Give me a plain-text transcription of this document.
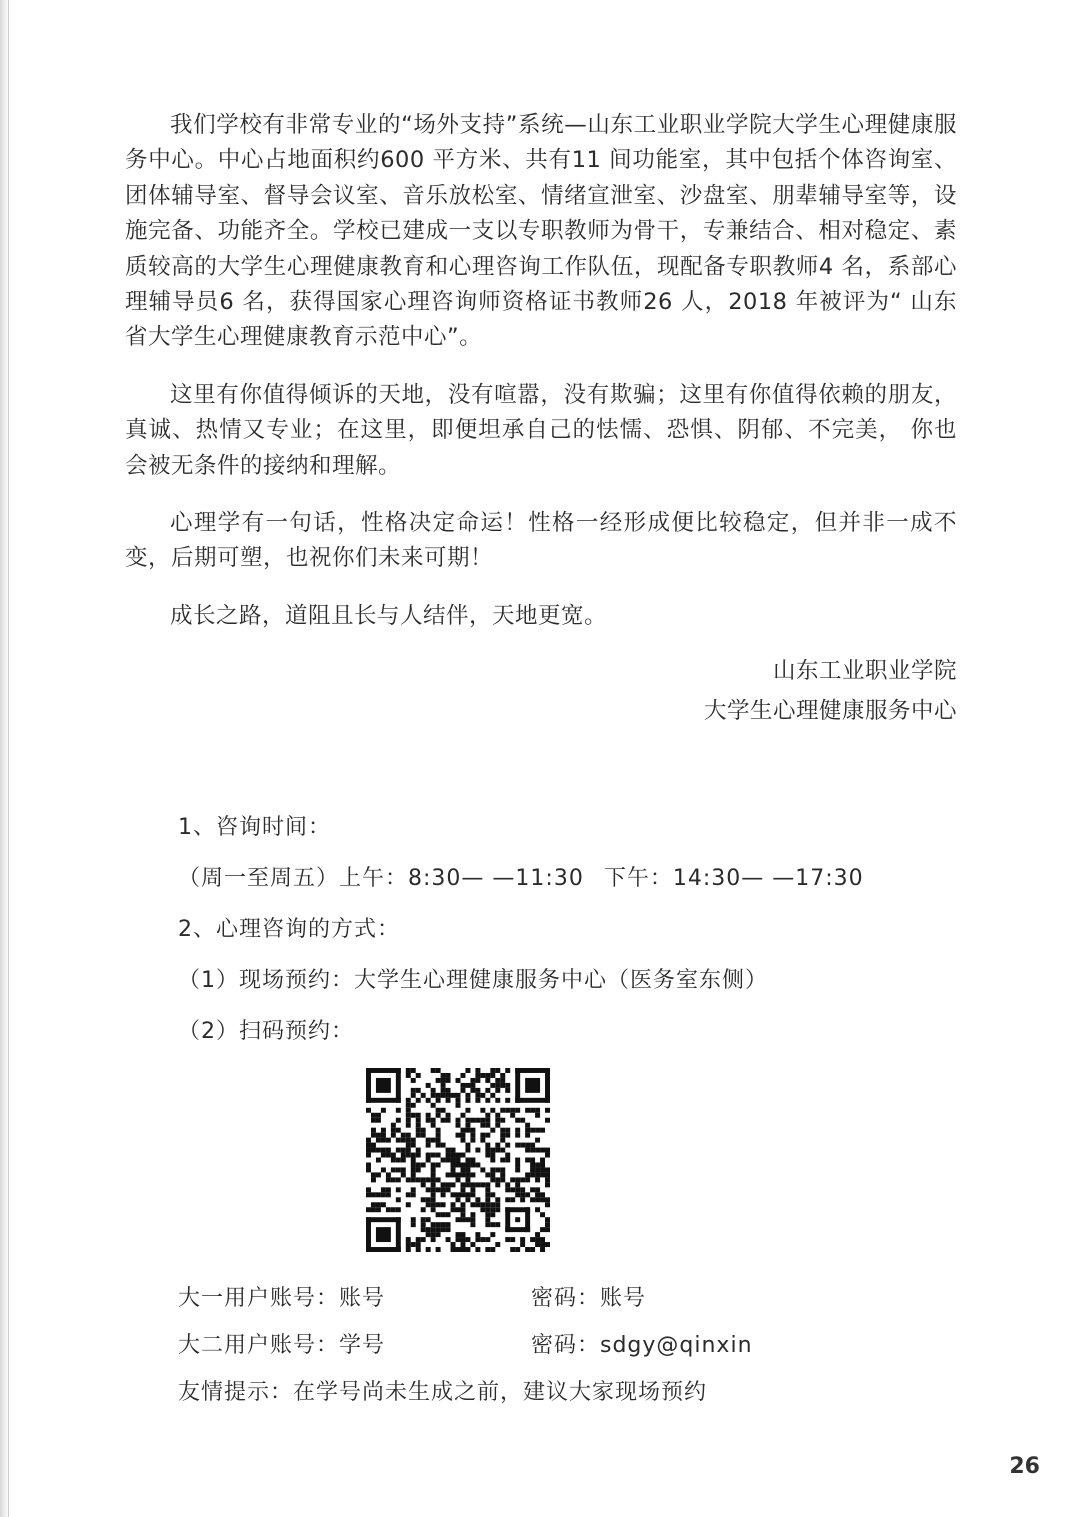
我们学校有非常专业的“场外支持”系统—山东工业职业学院大学生心理健康服务中心。中心占地面积约600 平方米、共有11 间功能室，其中包括个体咨询室、团体辅导室、督导会议室、音乐放松室、情绪宣泄室、沙盘室、朋辈辅导室等，设施完备、功能齐全。学校已建成一支以专职教师为骨干，专兼结合、相对稳定、素质较高的大学生心理健康教育和心理咨询工作队伍，现配备专职教师4 名，系部心理辅导员6 名，获得国家心理咨询师资格证书教师26 人，2018 年被评为“ 山东省大学生心理健康教育示范中心”。

这里有你值得倾诉的天地，没有喧嚣，没有欺骗；这里有你值得依赖的朋友，真诚、热情又专业；在这里，即便坦承自己的怯懦、恐惧、阴郁、不完美， 你也会被无条件的接纳和理解。

心理学有一句话，性格决定命运！性格一经形成便比较稳定，但并非一成不变，后期可塑，也祝你们未来可期！

成长之路，道阻且长与人结伴，天地更宽。

山东工业职业学院
大学生心理健康服务中心
1、咨询时间：
（周一至周五）上午：8:30— —11:30 下午：14:30— —17:30
2、心理咨询的方式：
（1）现场预约：大学生心理健康服务中心（医务室东侧）
（2）扫码预约：
大一用户账号：账号	密码：账号
大二用户账号：学号	密码：sdgy@qinxin
友情提示：在学号尚未生成之前，建议大家现场预约
26
